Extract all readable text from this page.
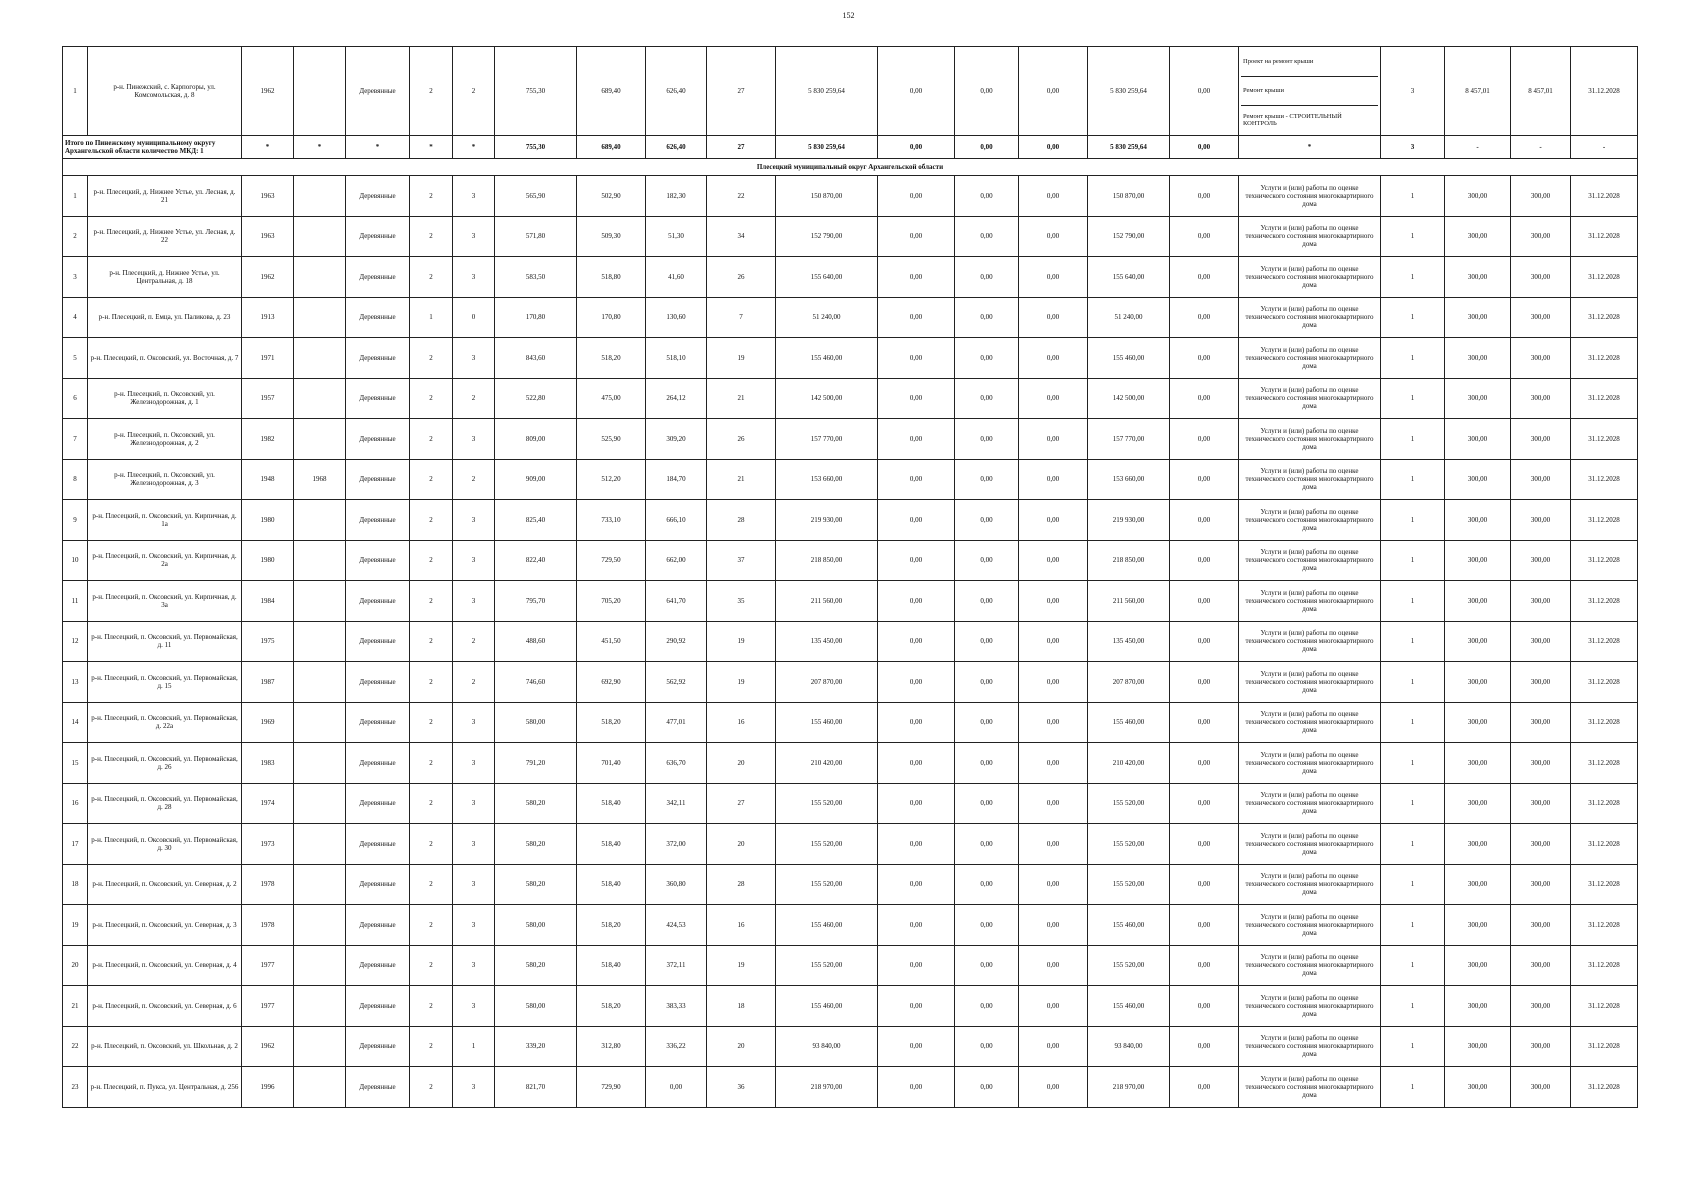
152
1	р-н. Пинежский, с. Карпогоры, ул. Комсомольская, д. 8	1962		Деревянные	2	2	755,30	689,40	626,40	27	5 830 259,64	0,00	0,00	0,00	5 830 259,64	0,00	Проект на ремонт крыши
Ремонт крыши
Ремонт крыши - СТРОИТЕЛЬНЫЙ КОНТРОЛЬ	3	8 457,01	8 457,01	31.12.2028
Итого по Пинежскому муниципальному округу Архангельской области количество МКД: 1		*	*	*	*	*	755,30	689,40	626,40	27	5 830 259,64	0,00	0,00	0,00	5 830 259,64	0,00	*	3	-	-	-
Плесецкий муниципальный округ Архангельской области																					
1	р-н. Плесецкий, д. Нижнее Устье, ул. Лесная, д. 21	1963		Деревянные	2	3	565,90	502,90	182,30	22	150 870,00	0,00	0,00	0,00	150 870,00	0,00	Услуги и (или) работы по оценке технического состояния многоквартирного дома	1	300,00	300,00	31.12.2028
2	р-н. Плесецкий, д. Нижнее Устье, ул. Лесная, д. 22	1963		Деревянные	2	3	571,80	509,30	51,30	34	152 790,00	0,00	0,00	0,00	152 790,00	0,00	Услуги и (или) работы по оценке технического состояния многоквартирного дома	1	300,00	300,00	31.12.2028
3	р-н. Плесецкий, д. Нижнее Устье, ул. Центральная, д. 18	1962		Деревянные	2	3	583,50	518,80	41,60	26	155 640,00	0,00	0,00	0,00	155 640,00	0,00	Услуги и (или) работы по оценке технического состояния многоквартирного дома	1	300,00	300,00	31.12.2028
4	р-н. Плесецкий, п. Емца, ул. Паликова, д. 23	1913		Деревянные	1	0	170,80	170,80	130,60	7	51 240,00	0,00	0,00	0,00	51 240,00	0,00	Услуги и (или) работы по оценке технического состояния многоквартирного дома	1	300,00	300,00	31.12.2028
5	р-н. Плесецкий, п. Оксовский, ул. Восточная, д. 7	1971		Деревянные	2	3	843,60	518,20	518,10	19	155 460,00	0,00	0,00	0,00	155 460,00	0,00	Услуги и (или) работы по оценке технического состояния многоквартирного дома	1	300,00	300,00	31.12.2028
6	р-н. Плесецкий, п. Оксовский, ул. Железнодорожная, д. 1	1957		Деревянные	2	2	522,80	475,00	264,12	21	142 500,00	0,00	0,00	0,00	142 500,00	0,00	Услуги и (или) работы по оценке технического состояния многоквартирного дома	1	300,00	300,00	31.12.2028
7	р-н. Плесецкий, п. Оксовский, ул. Железнодорожная, д. 2	1982		Деревянные	2	3	809,00	525,90	309,20	26	157 770,00	0,00	0,00	0,00	157 770,00	0,00	Услуги и (или) работы по оценке технического состояния многоквартирного дома	1	300,00	300,00	31.12.2028
8	р-н. Плесецкий, п. Оксовский, ул. Железнодорожная, д. 3	1948	1968	Деревянные	2	2	909,00	512,20	184,70	21	153 660,00	0,00	0,00	0,00	153 660,00	0,00	Услуги и (или) работы по оценке технического состояния многоквартирного дома	1	300,00	300,00	31.12.2028
9	р-н. Плесецкий, п. Оксовский, ул. Кирпичная, д. 1а	1980		Деревянные	2	3	825,40	733,10	666,10	28	219 930,00	0,00	0,00	0,00	219 930,00	0,00	Услуги и (или) работы по оценке технического состояния многоквартирного дома	1	300,00	300,00	31.12.2028
10	р-н. Плесецкий, п. Оксовский, ул. Кирпичная, д. 2а	1980		Деревянные	2	3	822,40	729,50	662,00	37	218 850,00	0,00	0,00	0,00	218 850,00	0,00	Услуги и (или) работы по оценке технического состояния многоквартирного дома	1	300,00	300,00	31.12.2028
11	р-н. Плесецкий, п. Оксовский, ул. Кирпичная, д. 3а	1984		Деревянные	2	3	795,70	705,20	641,70	35	211 560,00	0,00	0,00	0,00	211 560,00	0,00	Услуги и (или) работы по оценке технического состояния многоквартирного дома	1	300,00	300,00	31.12.2028
12	р-н. Плесецкий, п. Оксовский, ул. Первомайская, д. 11	1975		Деревянные	2	2	488,60	451,50	290,92	19	135 450,00	0,00	0,00	0,00	135 450,00	0,00	Услуги и (или) работы по оценке технического состояния многоквартирного дома	1	300,00	300,00	31.12.2028
13	р-н. Плесецкий, п. Оксовский, ул. Первомайская, д. 15	1987		Деревянные	2	2	746,60	692,90	562,92	19	207 870,00	0,00	0,00	0,00	207 870,00	0,00	Услуги и (или) работы по оценке технического состояния многоквартирного дома	1	300,00	300,00	31.12.2028
14	р-н. Плесецкий, п. Оксовский, ул. Первомайская, д. 22а	1969		Деревянные	2	3	580,00	518,20	477,01	16	155 460,00	0,00	0,00	0,00	155 460,00	0,00	Услуги и (или) работы по оценке технического состояния многоквартирного дома	1	300,00	300,00	31.12.2028
15	р-н. Плесецкий, п. Оксовский, ул. Первомайская, д. 26	1983		Деревянные	2	3	791,20	701,40	636,70	20	210 420,00	0,00	0,00	0,00	210 420,00	0,00	Услуги и (или) работы по оценке технического состояния многоквартирного дома	1	300,00	300,00	31.12.2028
16	р-н. Плесецкий, п. Оксовский, ул. Первомайская, д. 28	1974		Деревянные	2	3	580,20	518,40	342,11	27	155 520,00	0,00	0,00	0,00	155 520,00	0,00	Услуги и (или) работы по оценке технического состояния многоквартирного дома	1	300,00	300,00	31.12.2028
17	р-н. Плесецкий, п. Оксовский, ул. Первомайская, д. 30	1973		Деревянные	2	3	580,20	518,40	372,00	20	155 520,00	0,00	0,00	0,00	155 520,00	0,00	Услуги и (или) работы по оценке технического состояния многоквартирного дома	1	300,00	300,00	31.12.2028
18	р-н. Плесецкий, п. Оксовский, ул. Северная, д. 2	1978		Деревянные	2	3	580,20	518,40	360,80	28	155 520,00	0,00	0,00	0,00	155 520,00	0,00	Услуги и (или) работы по оценке технического состояния многоквартирного дома	1	300,00	300,00	31.12.2028
19	р-н. Плесецкий, п. Оксовский, ул. Северная, д. 3	1978		Деревянные	2	3	580,00	518,20	424,53	16	155 460,00	0,00	0,00	0,00	155 460,00	0,00	Услуги и (или) работы по оценке технического состояния многоквартирного дома	1	300,00	300,00	31.12.2028
20	р-н. Плесецкий, п. Оксовский, ул. Северная, д. 4	1977		Деревянные	2	3	580,20	518,40	372,11	19	155 520,00	0,00	0,00	0,00	155 520,00	0,00	Услуги и (или) работы по оценке технического состояния многоквартирного дома	1	300,00	300,00	31.12.2028
21	р-н. Плесецкий, п. Оксовский, ул. Северная, д. 6	1977		Деревянные	2	3	580,00	518,20	383,33	18	155 460,00	0,00	0,00	0,00	155 460,00	0,00	Услуги и (или) работы по оценке технического состояния многоквартирного дома	1	300,00	300,00	31.12.2028
22	р-н. Плесецкий, п. Оксовский, ул. Школьная, д. 2	1962		Деревянные	2	1	339,20	312,80	336,22	20	93 840,00	0,00	0,00	0,00	93 840,00	0,00	Услуги и (или) работы по оценке технического состояния многоквартирного дома	1	300,00	300,00	31.12.2028
23	р-н. Плесецкий, п. Пуксa, ул. Центральная, д. 256	1996		Деревянные	2	3	821,70	729,90	0,00	36	218 970,00	0,00	0,00	0,00	218 970,00	0,00	Услуги и (или) работы по оценке технического состояния многоквартирного дома	1	300,00	300,00	31.12.2028
